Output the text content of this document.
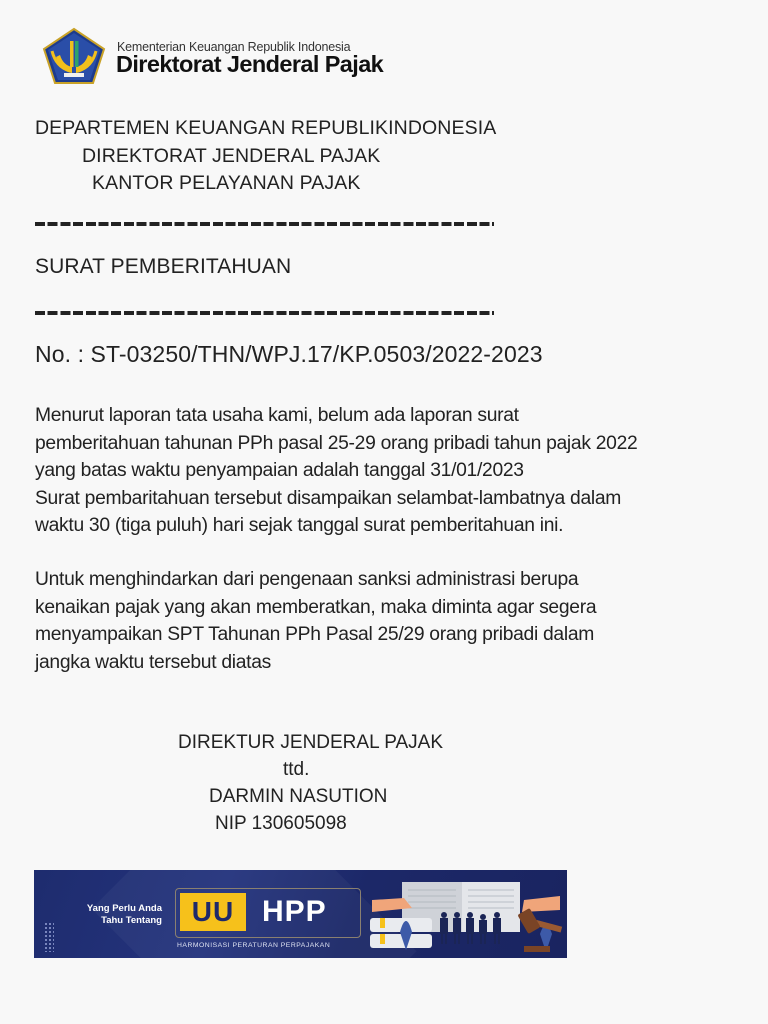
Kementerian Keuangan Republik Indonesia
Direktorat Jenderal Pajak
DEPARTEMEN KEUANGAN REPUBLIKINDONESIA
DIREKTORAT JENDERAL PAJAK
KANTOR PELAYANAN PAJAK
SURAT PEMBERITAHUAN
No. : ST-03250/THN/WPJ.17/KP.0503/2022-2023
Menurut laporan tata usaha kami, belum ada laporan surat
pemberitahuan tahunan PPh pasal 25-29 orang pribadi tahun pajak 2022
yang batas waktu penyampaian adalah tanggal 31/01/2023
Surat pembaritahuan tersebut disampaikan selambat-lambatnya dalam
waktu 30 (tiga puluh) hari sejak tanggal surat pemberitahuan ini.
Untuk menghindarkan dari pengenaan sanksi administrasi berupa
kenaikan pajak yang akan memberatkan, maka diminta agar segera
menyampaikan SPT Tahunan PPh Pasal 25/29 orang pribadi dalam
jangka waktu tersebut diatas
DIREKTUR JENDERAL PAJAK
ttd.
DARMIN NASUTION
NIP 130605098
Yang Perlu Anda
Tahu Tentang	UU HPP
HARMONISASI PERATURAN PERPAJAKAN
